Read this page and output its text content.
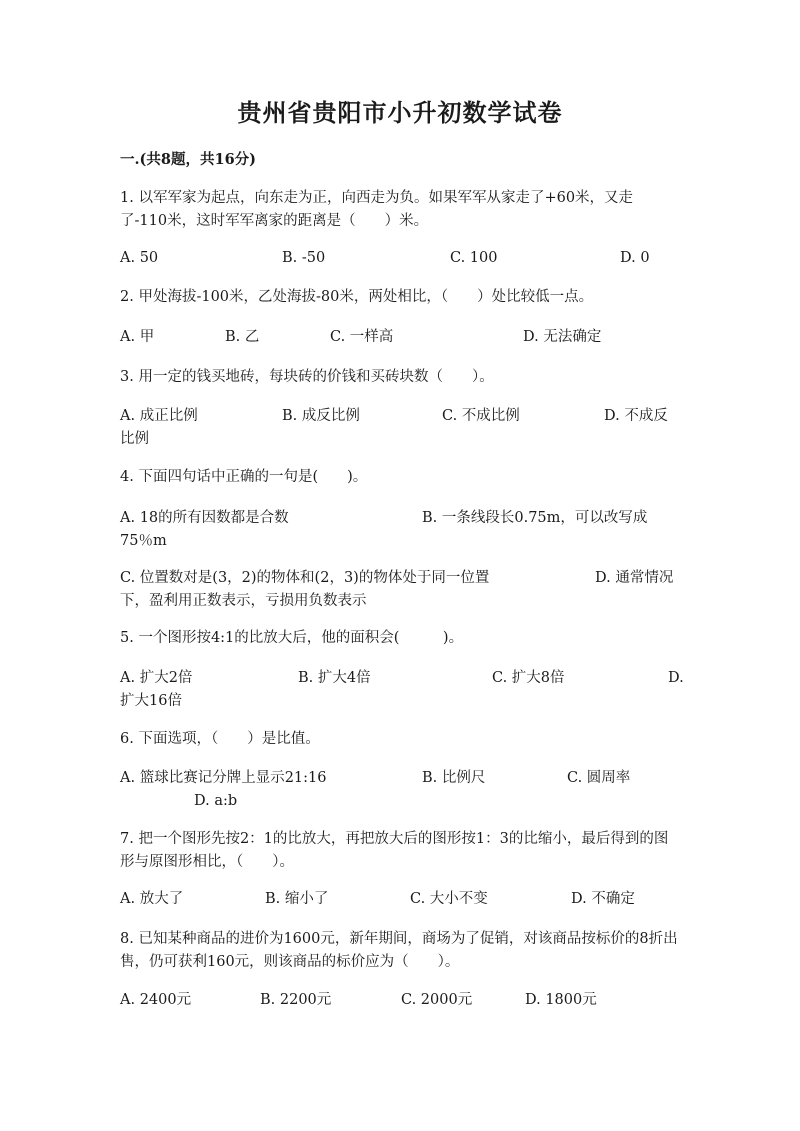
贵州省贵阳市小升初数学试卷
一.(共8题，共16分)
1. 以军军家为起点，向东走为正，向西走为负。如果军军从家走了+60米，又走了-110米，这时军军离家的距离是（　　）米。
A. 50	B. -50	C. 100	D. 0
2. 甲处海拔-100米，乙处海拔-80米，两处相比，（　　）处比较低一点。
A. 甲	B. 乙	C. 一样高	D. 无法确定
3. 用一定的钱买地砖，每块砖的价钱和买砖块数（　　）。
A. 成正比例	B. 成反比例	C. 不成比例	D. 不成反比例
4. 下面四句话中正确的一句是(　　)。
A. 18的所有因数都是合数	B. 一条线段长0.75m，可以改写成75％m
C. 位置数对是(3，2)的物体和(2，3)的物体处于同一位置	D. 通常情况下，盈利用正数表示，亏损用负数表示
5. 一个图形按4:1的比放大后，他的面积会(　　　)。
A. 扩大2倍	B. 扩大4倍	C. 扩大8倍	D. 扩大16倍
6. 下面选项，（　　）是比值。
A. 篮球比赛记分牌上显示21:16	B. 比例尺	C. 圆周率
D. a:b
7. 把一个图形先按2：1的比放大，再把放大后的图形按1：3的比缩小，最后得到的图形与原图形相比，（　　）。
A. 放大了	B. 缩小了	C. 大小不变	D. 不确定
8. 已知某种商品的进价为1600元，新年期间，商场为了促销，对该商品按标价的8折出售，仍可获利160元，则该商品的标价应为（　　）。
A. 2400元	B. 2200元	C. 2000元	D. 1800元
